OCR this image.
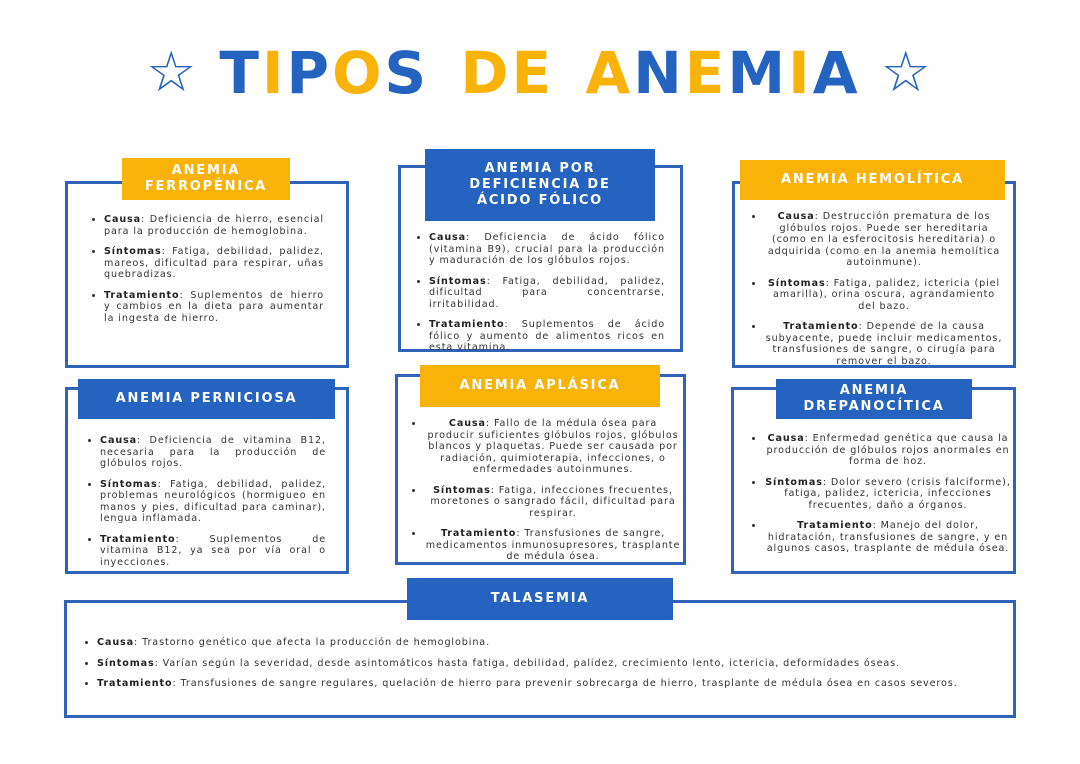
☆ TIPOS DE ANEMIA ☆
ANEMIA FERROPÉNICA
• Causa: Deficiencia de hierro, esencial para la producción de hemoglobina.
• Síntomas: Fatiga, debilidad, palidez, mareos, dificultad para respirar, uñas quebradizas.
• Tratamiento: Suplementos de hierro y cambios en la dieta para aumentar la ingesta de hierro.
ANEMIA POR DEFICIENCIA DE ÁCIDO FÓLICO
• Causa: Deficiencia de ácido fólico (vitamina B9), crucial para la producción y maduración de los glóbulos rojos.
• Síntomas: Fatiga, debilidad, palidez, dificultad para concentrarse, irritabilidad.
• Tratamiento: Suplementos de ácido fólico y aumento de alimentos ricos en esta vitamina.
ANEMIA HEMOLÍTICA
• Causa: Destrucción prematura de los glóbulos rojos. Puede ser hereditaria (como en la esferocitosis hereditaria) o adquirida (como en la anemia hemolítica autoinmune).
• Síntomas: Fatiga, palidez, ictericia (piel amarilla), orina oscura, agrandamiento del bazo.
• Tratamiento: Depende de la causa subyacente, puede incluir medicamentos, transfusiones de sangre, o cirugía para remover el bazo.
ANEMIA PERNICIOSA
• Causa: Deficiencia de vitamina B12, necesaria para la producción de glóbulos rojos.
• Síntomas: Fatiga, debilidad, palidez, problemas neurológicos (hormigueo en manos y pies, dificultad para caminar), lengua inflamada.
• Tratamiento: Suplementos de vitamina B12, ya sea por vía oral o inyecciones.
ANEMIA APLÁSICA
• Causa: Fallo de la médula ósea para producir suficientes glóbulos rojos, glóbulos blancos y plaquetas. Puede ser causada por radiación, quimioterapia, infecciones, o enfermedades autoinmunes.
• Síntomas: Fatiga, infecciones frecuentes, moretones o sangrado fácil, dificultad para respirar.
• Tratamiento: Transfusiones de sangre, medicamentos inmunosupresores, trasplante de médula ósea.
ANEMIA DREPANOCÍTICA
• Causa: Enfermedad genética que causa la producción de glóbulos rojos anormales en forma de hoz.
• Síntomas: Dolor severo (crisis falciforme), fatiga, palidez, ictericia, infecciones frecuentes, daño a órganos.
• Tratamiento: Manejo del dolor, hidratación, transfusiones de sangre, y en algunos casos, trasplante de médula ósea.
TALASEMIA
• Causa: Trastorno genético que afecta la producción de hemoglobina.
• Síntomas: Varían según la severidad, desde asintomáticos hasta fatiga, debilidad, palidez, crecimiento lento, ictericia, deformidades óseas.
• Tratamiento: Transfusiones de sangre regulares, quelación de hierro para prevenir sobrecarga de hierro, trasplante de médula ósea en casos severos.
